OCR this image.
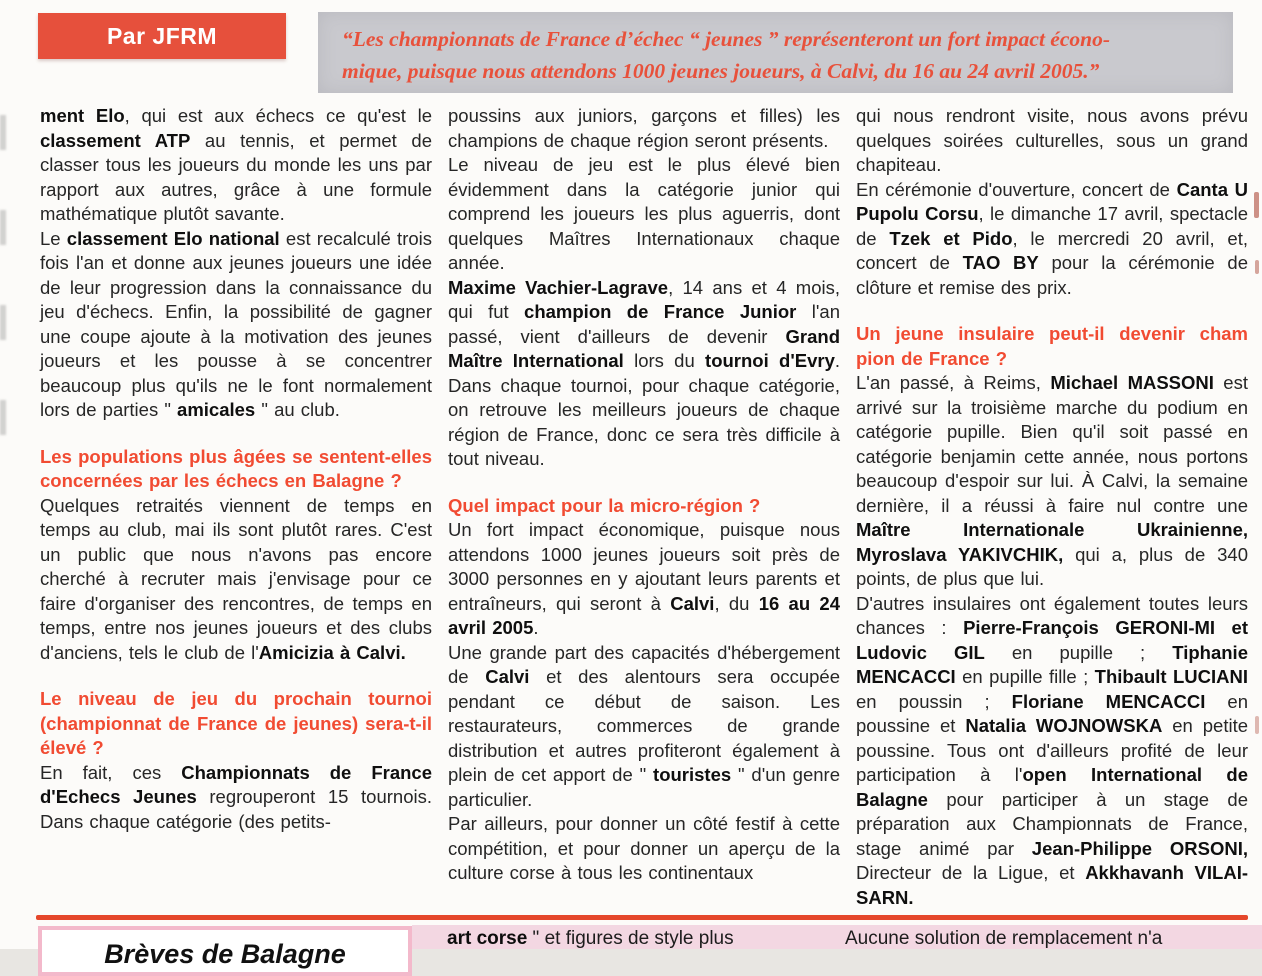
Par JFRM	“Les championnats de France d’échec “ jeunes ” représenteront un fort impact écono-
mique, puisque nous attendons 1000 jeunes joueurs, à Calvi, du 16 au 24 avril 2005.”

ment Elo, qui est aux échecs ce qu'est le classement ATP au tennis, et permet de classer tous les joueurs du monde les uns par rapport aux autres, grâce à une formule mathématique plutôt savante.

Le classement Elo national est recalculé trois fois l'an et donne aux jeunes joueurs une idée de leur progression dans la connaissance du jeu d'échecs. Enfin, la possibilité de gagner une coupe ajoute à la motivation des jeunes joueurs et les pousse à se concentrer beaucoup plus qu'ils ne le font normalement lors de parties " amicales " au club.

Les populations plus âgées se sentent-elles concernées par les échecs en Balagne ?

Quelques retraités viennent de temps en temps au club, mai ils sont plutôt rares. C'est un public que nous n'avons pas encore cherché à recruter mais j'envisage pour ce faire d'organiser des rencontres, de temps en temps, entre nos jeunes joueurs et des clubs d'anciens, tels le club de l'Amicizia à Calvi.

Le niveau de jeu du prochain tournoi (championnat de France de jeunes) sera-t-il élevé ?

En fait, ces Championnats de France d'Echecs Jeunes regrouperont 15 tournois. Dans chaque catégorie (des petits-

poussins aux juniors, garçons et filles) les champions de chaque région seront présents.

Le niveau de jeu est le plus élevé bien évidemment dans la catégorie junior qui comprend les joueurs les plus aguerris, dont quelques Maîtres Internationaux chaque année.

Maxime Vachier-Lagrave, 14 ans et 4 mois, qui fut champion de France Junior l'an passé, vient d'ailleurs de devenir Grand Maître International lors du tournoi d'Evry. Dans chaque tournoi, pour chaque catégorie, on retrouve les meilleurs joueurs de chaque région de France, donc ce sera très difficile à tout niveau.

Quel impact pour la micro-région ?

Un fort impact économique, puisque nous attendons 1000 jeunes joueurs soit près de 3000 personnes en y ajoutant leurs parents et entraîneurs, qui seront à Calvi, du 16 au 24 avril 2005.

Une grande part des capacités d'hébergement de Calvi et des alentours sera occupée pendant ce début de saison. Les restaurateurs, commerces de grande distribution et autres profiteront également à plein de cet apport de " touristes " d'un genre particulier.

Par ailleurs, pour donner un côté festif à cette compétition, et pour donner un aperçu de la culture corse à tous les continentaux

qui nous rendront visite, nous avons prévu quelques soirées culturelles, sous un grand chapiteau.

En cérémonie d'ouverture, concert de Canta U Pupolu Corsu, le dimanche 17 avril, spectacle de Tzek et Pido, le mercredi 20 avril, et, concert de TAO BY pour la cérémonie de clôture et remise des prix.

Un jeune insulaire peut-il devenir cham pion de France ?

L'an passé, à Reims, Michael MASSONI est arrivé sur la troisième marche du podium en catégorie pupille. Bien qu'il soit passé en catégorie benjamin cette année, nous portons beaucoup d'espoir sur lui. À Calvi, la semaine dernière, il a réussi à faire nul contre une Maître Internationale Ukrainienne, Myroslava YAKIVCHIK, qui a, plus de 340 points, de plus que lui.

D'autres insulaires ont également toutes leurs chances : Pierre-François GERONI-MI et Ludovic GIL en pupille ; Tiphanie MENCACCI en pupille fille ; Thibault LUCIANI en poussin ; Floriane MENCACCI en poussine et Natalia WOJNOWSKA en petite poussine. Tous ont d'ailleurs profité de leur participation à l'open International de Balagne pour participer à un stage de préparation aux Championnats de France, stage animé par Jean-Philippe ORSONI, Directeur de la Ligue, et Akkhavanh VILAI-SARN.

art corse " et figures de style plus	Aucune solution de remplacement n'a
Brèves de Balagne
